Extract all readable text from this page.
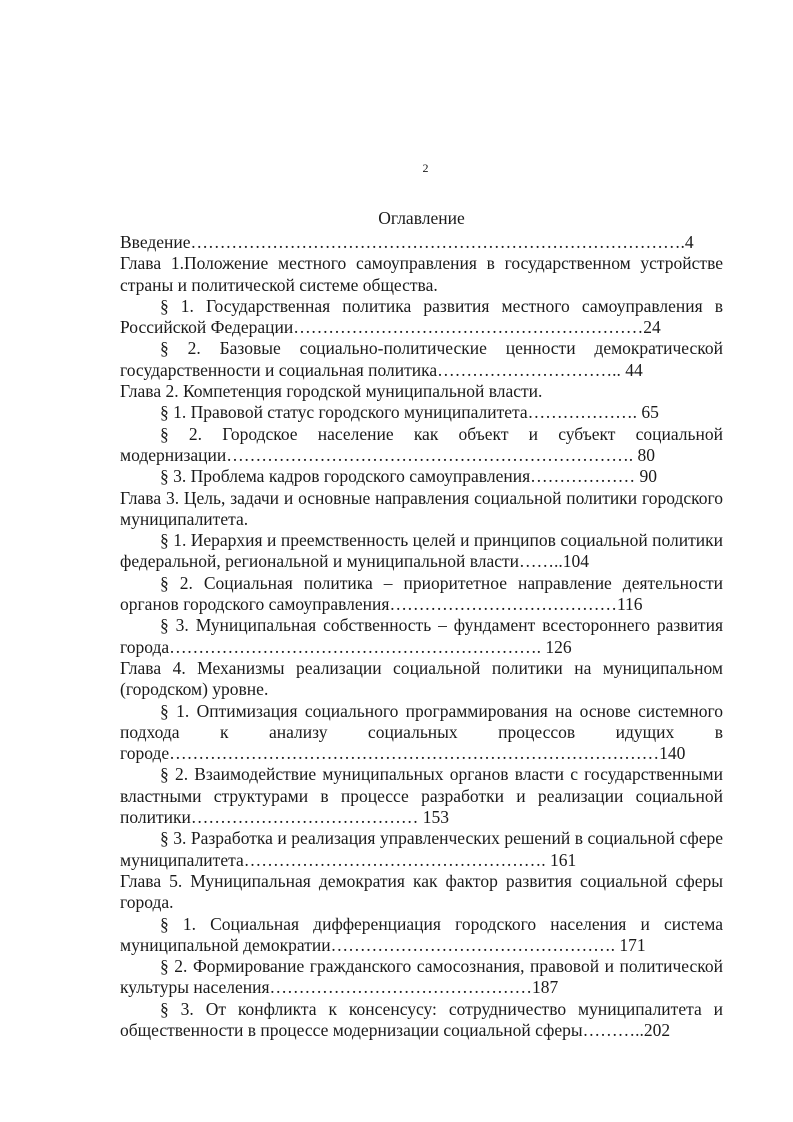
2
Оглавление

Введение………………………………………………………………………….4

Глава 1.Положение местного самоуправления в государственном устройстве страны и политической системе общества.

§ 1. Государственная политика развития местного самоуправления в Российской Федерации……………………………………………………24

§ 2. Базовые социально-политические ценности демократической государственности и социальная политика………………………….. 44

Глава 2. Компетенция городской муниципальной власти.

§ 1. Правовой статус городского муниципалитета………………. 65

§ 2. Городское население как объект и субъект социальной модернизации……………………………………………………………. 80

§ 3. Проблема кадров городского самоуправления……………… 90

Глава 3. Цель, задачи и основные направления социальной политики городского муниципалитета.

§ 1. Иерархия и преемственность целей и принципов социальной политики федеральной, региональной и муниципальной власти……..104

§ 2. Социальная политика – приоритетное направление деятельности органов городского самоуправления…………………………………116

§ 3. Муниципальная собственность – фундамент всестороннего развития города………………………………………………………. 126

Глава 4. Механизмы реализации социальной политики на муниципальном (городском) уровне.

§ 1. Оптимизация социального программирования на основе системного подхода к анализу социальных процессов идущих в городе…………………………………………………………………………140

§ 2. Взаимодействие муниципальных органов власти с государственными властными структурами в процессе разработки и реализации социальной политики………………………………… 153

§ 3. Разработка и реализация управленческих решений в социальной сфере муниципалитета……………………………………………. 161

Глава 5. Муниципальная демократия как фактор развития социальной сферы города.

§ 1. Социальная дифференциация городского населения и система муниципальной демократии…………………………………………. 171

§ 2. Формирование гражданского самосознания, правовой и политической культуры населения………………………………………187

§ 3. От конфликта к консенсусу: сотрудничество муниципалитета и общественности в процессе модернизации социальной сферы………..202
